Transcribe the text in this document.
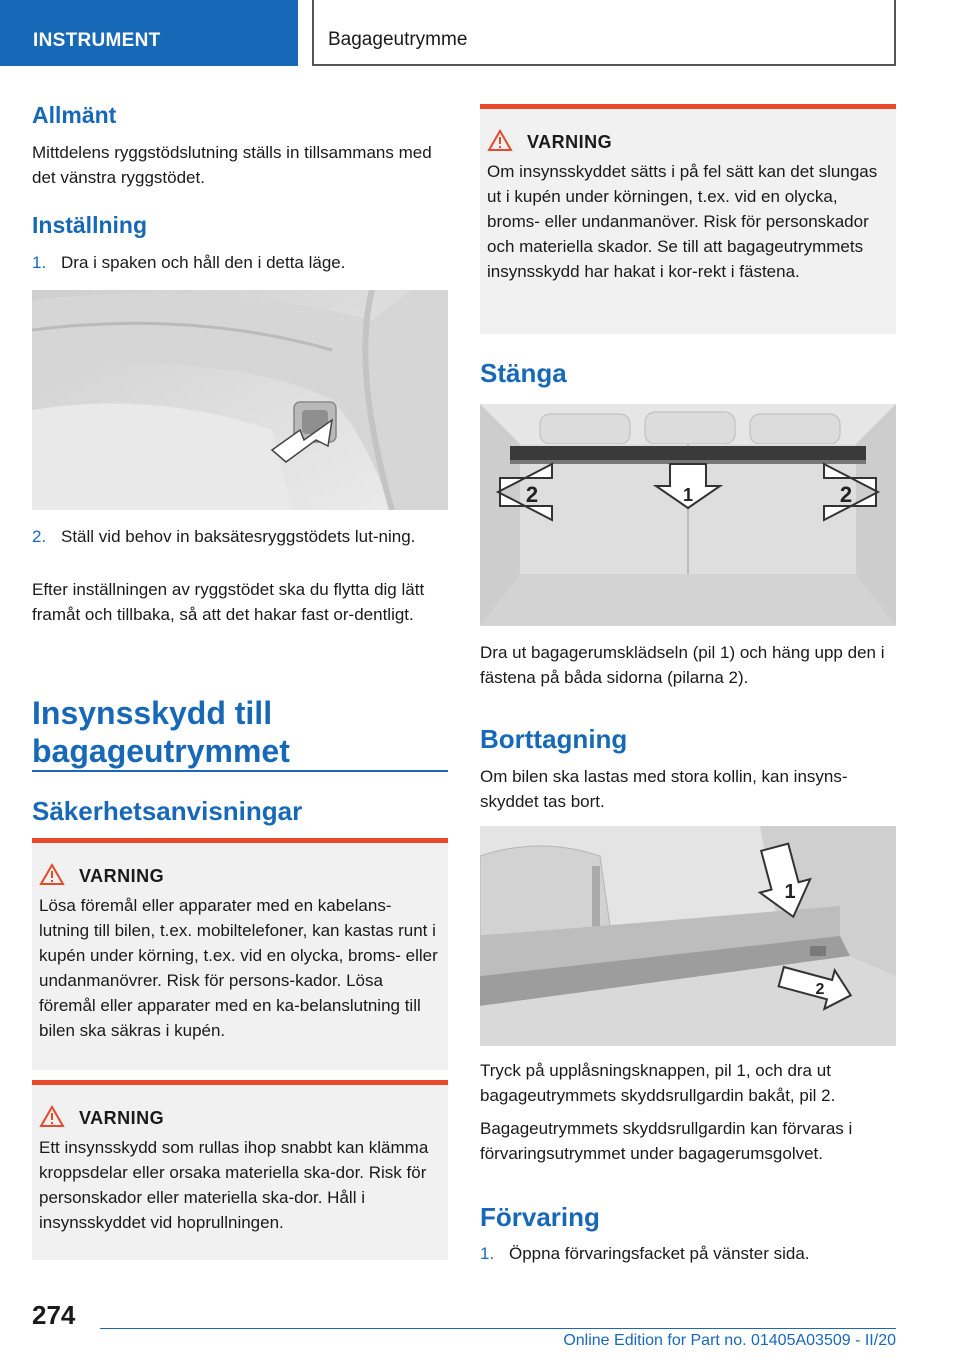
INSTRUMENT	Bagageutrymme
Allmänt
Mittdelens ryggstödslutning ställs in tillsammans med det vänstra ryggstödet.
Inställning
1. Dra i spaken och håll den i detta läge.
2. Ställ vid behov in baksätesryggstödets lut-ning.
Efter inställningen av ryggstödet ska du flytta dig lätt framåt och tillbaka, så att det hakar fast or-dentligt.
Insynsskydd till bagageutrymmet
Säkerhetsanvisningar
VARNING
Lösa föremål eller apparater med en kabelans-lutning till bilen, t.ex. mobiltelefoner, kan kastas runt i kupén under körning, t.ex. vid en olycka, broms- eller undanmanövrer. Risk för persons-kador. Lösa föremål eller apparater med en ka-belanslutning till bilen ska säkras i kupén.
VARNING
Ett insynsskydd som rullas ihop snabbt kan klämma kroppsdelar eller orsaka materiella ska-dor. Risk för personskador eller materiella ska-dor. Håll i insynsskyddet vid hoprullningen.
VARNING
Om insynsskyddet sätts i på fel sätt kan det slungas ut i kupén under körningen, t.ex. vid en olycka, broms- eller undanmanöver. Risk för personskador och materiella skador. Se till att bagageutrymmets insynsskydd har hakat i kor-rekt i fästena.
Stänga
1
2	2
Dra ut bagagerumsklädseln (pil 1) och häng upp den i fästena på båda sidorna (pilarna 2).
Borttagning
Om bilen ska lastas med stora kollin, kan insyns-skyddet tas bort.
1
2
Tryck på upplåsningsknappen, pil 1, och dra ut bagageutrymmets skyddsrullgardin bakåt, pil 2.
Bagageutrymmets skyddsrullgardin kan förvaras i förvaringsutrymmet under bagagerumsgolvet.
Förvaring
1. Öppna förvaringsfacket på vänster sida.
274
Online Edition for Part no. 01405A03509 - II/20
